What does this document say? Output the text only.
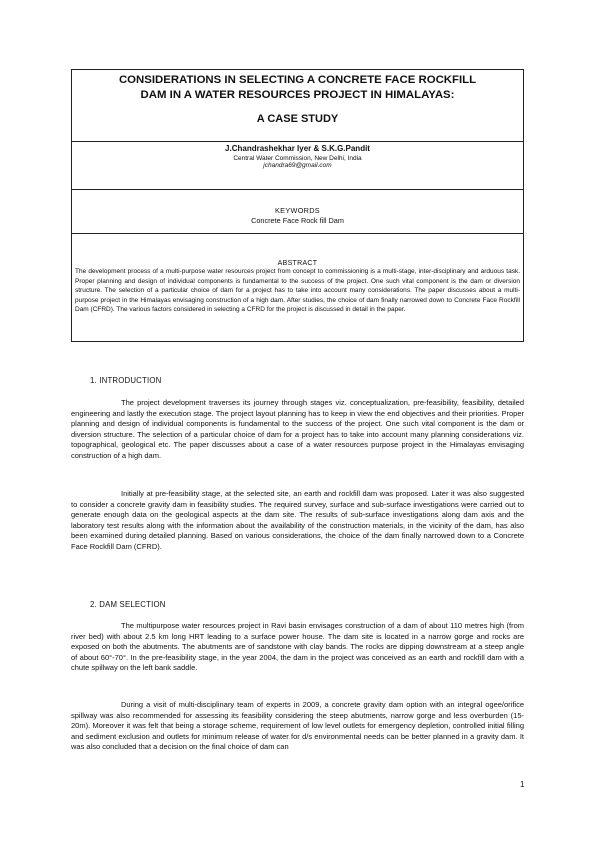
CONSIDERATIONS IN SELECTING A CONCRETE FACE ROCKFILL
DAM IN A WATER RESOURCES PROJECT IN HIMALAYAS:
A CASE STUDY
J.Chandrashekhar Iyer & S.K.G.Pandit
Central Water Commission, New Delhi, India
jchandra69@gmail.com
KEYWORDS
Concrete Face Rock fill Dam
ABSTRACT

The development process of a multi-purpose water resources project from concept to commissioning is a multi-stage, inter-disciplinary and arduous task. Proper planning and design of individual components is fundamental to the success of the project. One such vital component is the dam or diversion structure. The selection of a particular choice of dam for a project has to take into account many considerations. The paper discusses about a multi-purpose project in the Himalayas envisaging construction of a high dam. After studies, the choice of dam finally narrowed down to Concrete Face Rockfill Dam (CFRD). The various factors considered in selecting a CFRD for the project is discussed in detail in the paper.

1. INTRODUCTION

The project development traverses its journey through stages viz. conceptualization, pre-feasibility, feasibility, detailed engineering and lastly the execution stage. The project layout planning has to keep in view the end objectives and their priorities. Proper planning and design of individual components is fundamental to the success of the project. One such vital component is the dam or diversion structure. The selection of a particular choice of dam for a project has to take into account many planning considerations viz. topographical, geological etc. The paper discusses about a case of a water resources purpose project in the Himalayas envisaging construction of a high dam.

Initially at pre-feasibility stage, at the selected site, an earth and rockfill dam was proposed. Later it was also suggested to consider a concrete gravity dam in feasibility studies. The required survey, surface and sub-surface investigations were carried out to generate enough data on the geological aspects at the dam site. The results of sub-surface investigations along dam axis and the laboratory test results along with the information about the availability of the construction materials, in the vicinity of the dam, has also been examined during detailed planning. Based on various considerations, the choice of the dam finally narrowed down to a Concrete Face Rockfill Dam (CFRD).

2. DAM SELECTION

The multipurpose water resources project in Ravi basin envisages construction of a dam of about 110 metres high (from river bed) with about 2.5 km long HRT leading to a surface power house. The dam site is located in a narrow gorge and rocks are exposed on both the abutments. The abutments are of sandstone with clay bands. The rocks are dipping downstream at a steep angle of about 60°-70°. In the pre-feasibility stage, in the year 2004, the dam in the project was conceived as an earth and rockfill dam with a chute spillway on the left bank saddle.

During a visit of multi-disciplinary team of experts in 2009, a concrete gravity dam option with an integral ogee/orifice spillway was also recommended for assessing its feasibility considering the steep abutments, narrow gorge and less overburden (15-20m). Moreover it was felt that being a storage scheme, requirement of low level outlets for emergency depletion, controlled initial filling and sediment exclusion and outlets for minimum release of water for d/s environmental needs can be better planned in a gravity dam. It was also concluded that a decision on the final choice of dam can

1
